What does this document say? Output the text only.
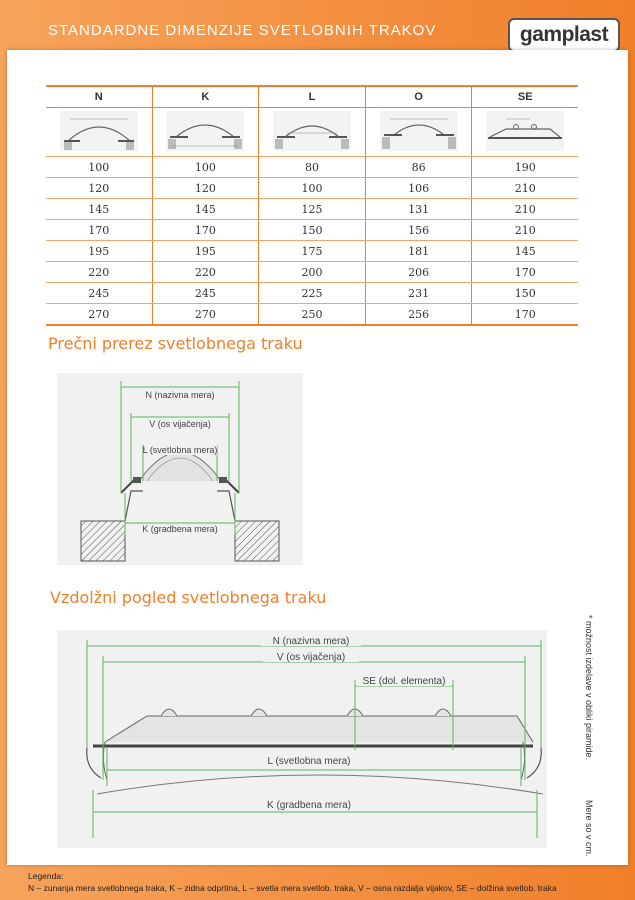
STANDARDNE DIMENZIJE SVETLOBNIH TRAKOV	gamplast
N	K	L	O	SE

100	100	80	86	190
120	120	100	106	210
145	145	125	131	210
170	170	150	156	210
195	195	175	181	145
220	220	200	206	170
245	245	225	231	150
270	270	250	256	170
Prečni prerez svetlobnega traku
N (nazivna mera)
V (os vijačenja)
L (svetlobna mera)
K (gradbena mera)
Vzdolžni pogled svetlobnega traku
N (nazivna mera)
V (os vijačenja)
SE (dol. elementa)
L (svetlobna mera)
K (gradbena mera)
* možnost izdelave v obliki piramide.
Mere so v cm.
Legenda:
N – zunanja mera svetlobnega traka, K – zidna odprtina, L – svetla mera svetlob. traka, V – osna razdalja vijakov, SE – dolžina svetlob. traka
